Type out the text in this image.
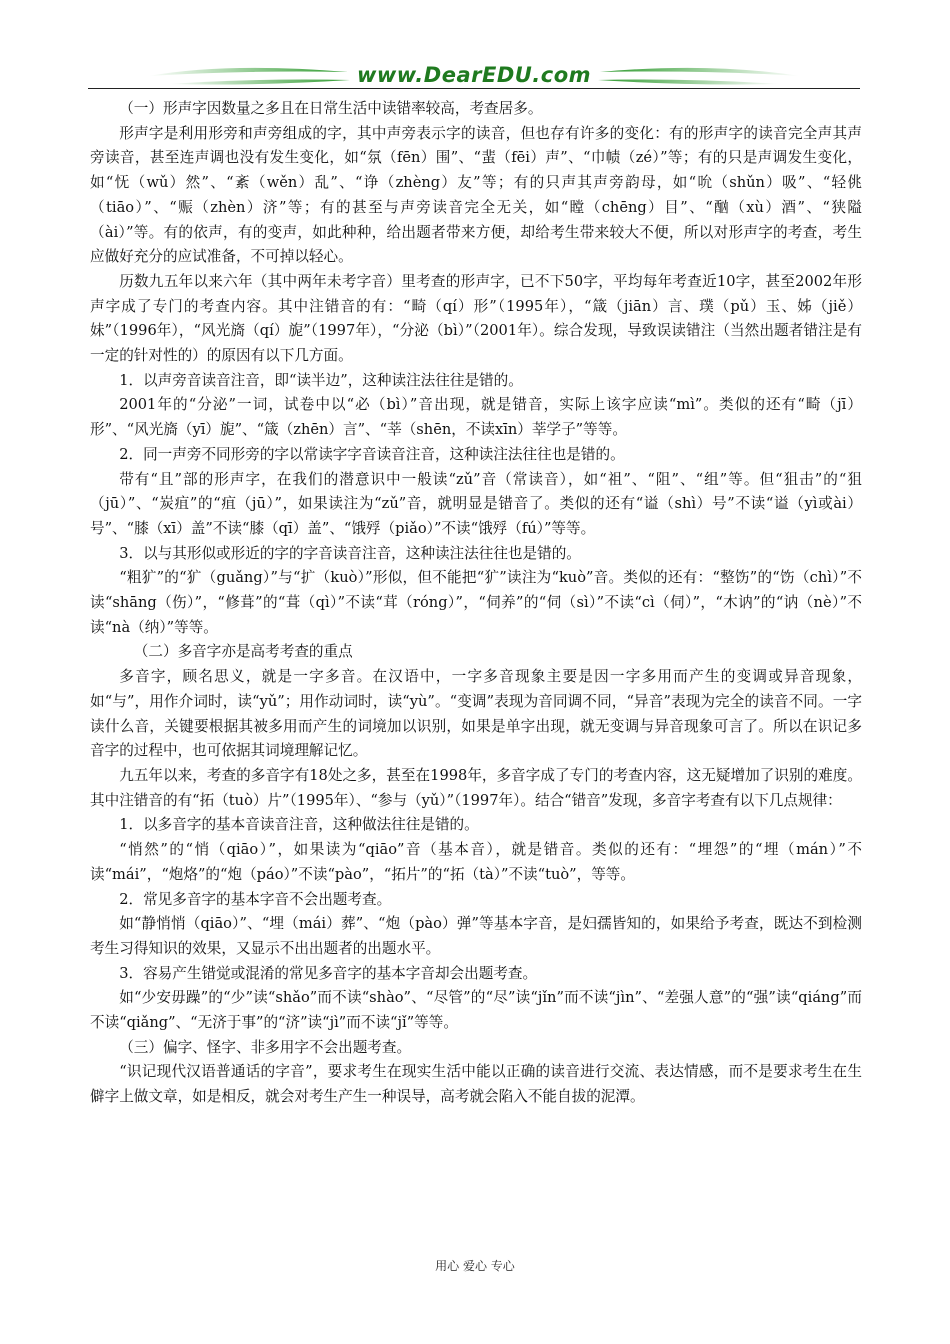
www.DearEDU.com

（一）形声字因数量之多且在日常生活中读错率较高，考查居多。

形声字是利用形旁和声旁组成的字，其中声旁表示字的读音，但也存有许多的变化：有的形声字的读音完全声其声旁读音，甚至连声调也没有发生变化，如“氛（fēn）围”、“蜚（fēi）声”、“巾帻（zé）”等；有的只是声调发生变化，如“怃（wǔ）然”、“紊（wěn）乱”、“诤（zhèng）友”等；有的只声其声旁韵母，如“吮（shǔn）吸”、“轻佻（tiāo）”、“赈（zhèn）济”等；有的甚至与声旁读音完全无关，如“瞠（chēng）目”、“酗（xù）酒”、“狭隘（ài）”等。有的依声，有的变声，如此种种，给出题者带来方便，却给考生带来较大不便，所以对形声字的考查，考生应做好充分的应试准备，不可掉以轻心。

历数九五年以来六年（其中两年未考字音）里考查的形声字，已不下50字，平均每年考查近10字，甚至2002年形声字成了专门的考查内容。其中注错音的有：“畸（qí）形”（1995年），“箴（jiān）言、璞（pǔ）玉、姊（jiě）妹”（1996年），“风光旖（qí）旎”（1997年），“分泌（bì）”（2001年）。综合发现，导致误读错注（当然出题者错注是有一定的针对性的）的原因有以下几方面。

1．以声旁音读音注音，即“读半边”，这种读注法往往是错的。

2001年的“分泌”一词，试卷中以“必（bì）”音出现，就是错音，实际上该字应读“mì”。类似的还有“畸（jī）形”、“风光旖（yī）旎”、“箴（zhēn）言”、“莘（shēn，不读xīn）莘学子”等等。

2．同一声旁不同形旁的字以常读字字音读音注音，这种读注法往往也是错的。

带有“且”部的形声字，在我们的潜意识中一般读“zǔ”音（常读音），如“祖”、“阻”、“组”等。但“狙击”的“狙（jū）”、“炭疽”的“疽（jū）”，如果读注为“zǔ”音，就明显是错音了。类似的还有“谥（shì）号”不读“谥（yì或ài）号”、“膝（xī）盖”不读“膝（qī）盖”、“饿殍（piǎo）”不读“饿殍（fú）”等等。

3．以与其形似或形近的字的字音读音注音，这种读注法往往也是错的。

“粗犷”的“犷（guǎng）”与“扩（kuò）”形似，但不能把“犷”读注为“kuò”音。类似的还有：“整饬”的“饬（chì）”不读“shāng（伤）”，“修葺”的“葺（qì）”不读“茸（róng）”，“伺养”的“伺（sì）”不读“cì（伺）”，“木讷”的“讷（nè）”不读“nà（纳）”等等。

（二）多音字亦是高考考查的重点

多音字，顾名思义，就是一字多音。在汉语中，一字多音现象主要是因一字多用而产生的变调或异音现象，如“与”，用作介词时，读“yǔ”；用作动词时，读“yù”。“变调”表现为音同调不同，“异音”表现为完全的读音不同。一字读什么音，关键要根据其被多用而产生的词境加以识别，如果是单字出现，就无变调与异音现象可言了。所以在识记多音字的过程中，也可依据其词境理解记忆。

九五年以来，考查的多音字有18处之多，甚至在1998年，多音字成了专门的考查内容，这无疑增加了识别的难度。其中注错音的有“拓（tuò）片”（1995年）、“参与（yǔ）”（1997年）。结合“错音”发现，多音字考查有以下几点规律：

1．以多音字的基本音读音注音，这种做法往往是错的。

“悄然”的“悄（qiāo）”，如果读为“qiāo”音（基本音），就是错音。类似的还有：“埋怨”的“埋（mán）”不读“mái”，“炮烙”的“炮（páo）”不读“pào”，“拓片”的“拓（tà）”不读“tuò”，等等。

2．常见多音字的基本字音不会出题考查。

如“静悄悄（qiāo）”、“埋（mái）葬”、“炮（pào）弹”等基本字音，是妇孺皆知的，如果给予考查，既达不到检测考生习得知识的效果，又显示不出出题者的出题水平。

3．容易产生错觉或混淆的常见多音字的基本字音却会出题考查。

如“少安毋躁”的“少”读“shǎo”而不读“shào”、“尽管”的“尽”读“jǐn”而不读“jìn”、“差强人意”的“强”读“qiáng”而不读“qiǎng”、“无济于事”的“济”读“jì”而不读“jǐ”等等。

（三）偏字、怪字、非多用字不会出题考查。

“识记现代汉语普通话的字音”，要求考生在现实生活中能以正确的读音进行交流、表达情感，而不是要求考生在生僻字上做文章，如是相反，就会对考生产生一种误导，高考就会陷入不能自拔的泥潭。

用心 爱心 专心
